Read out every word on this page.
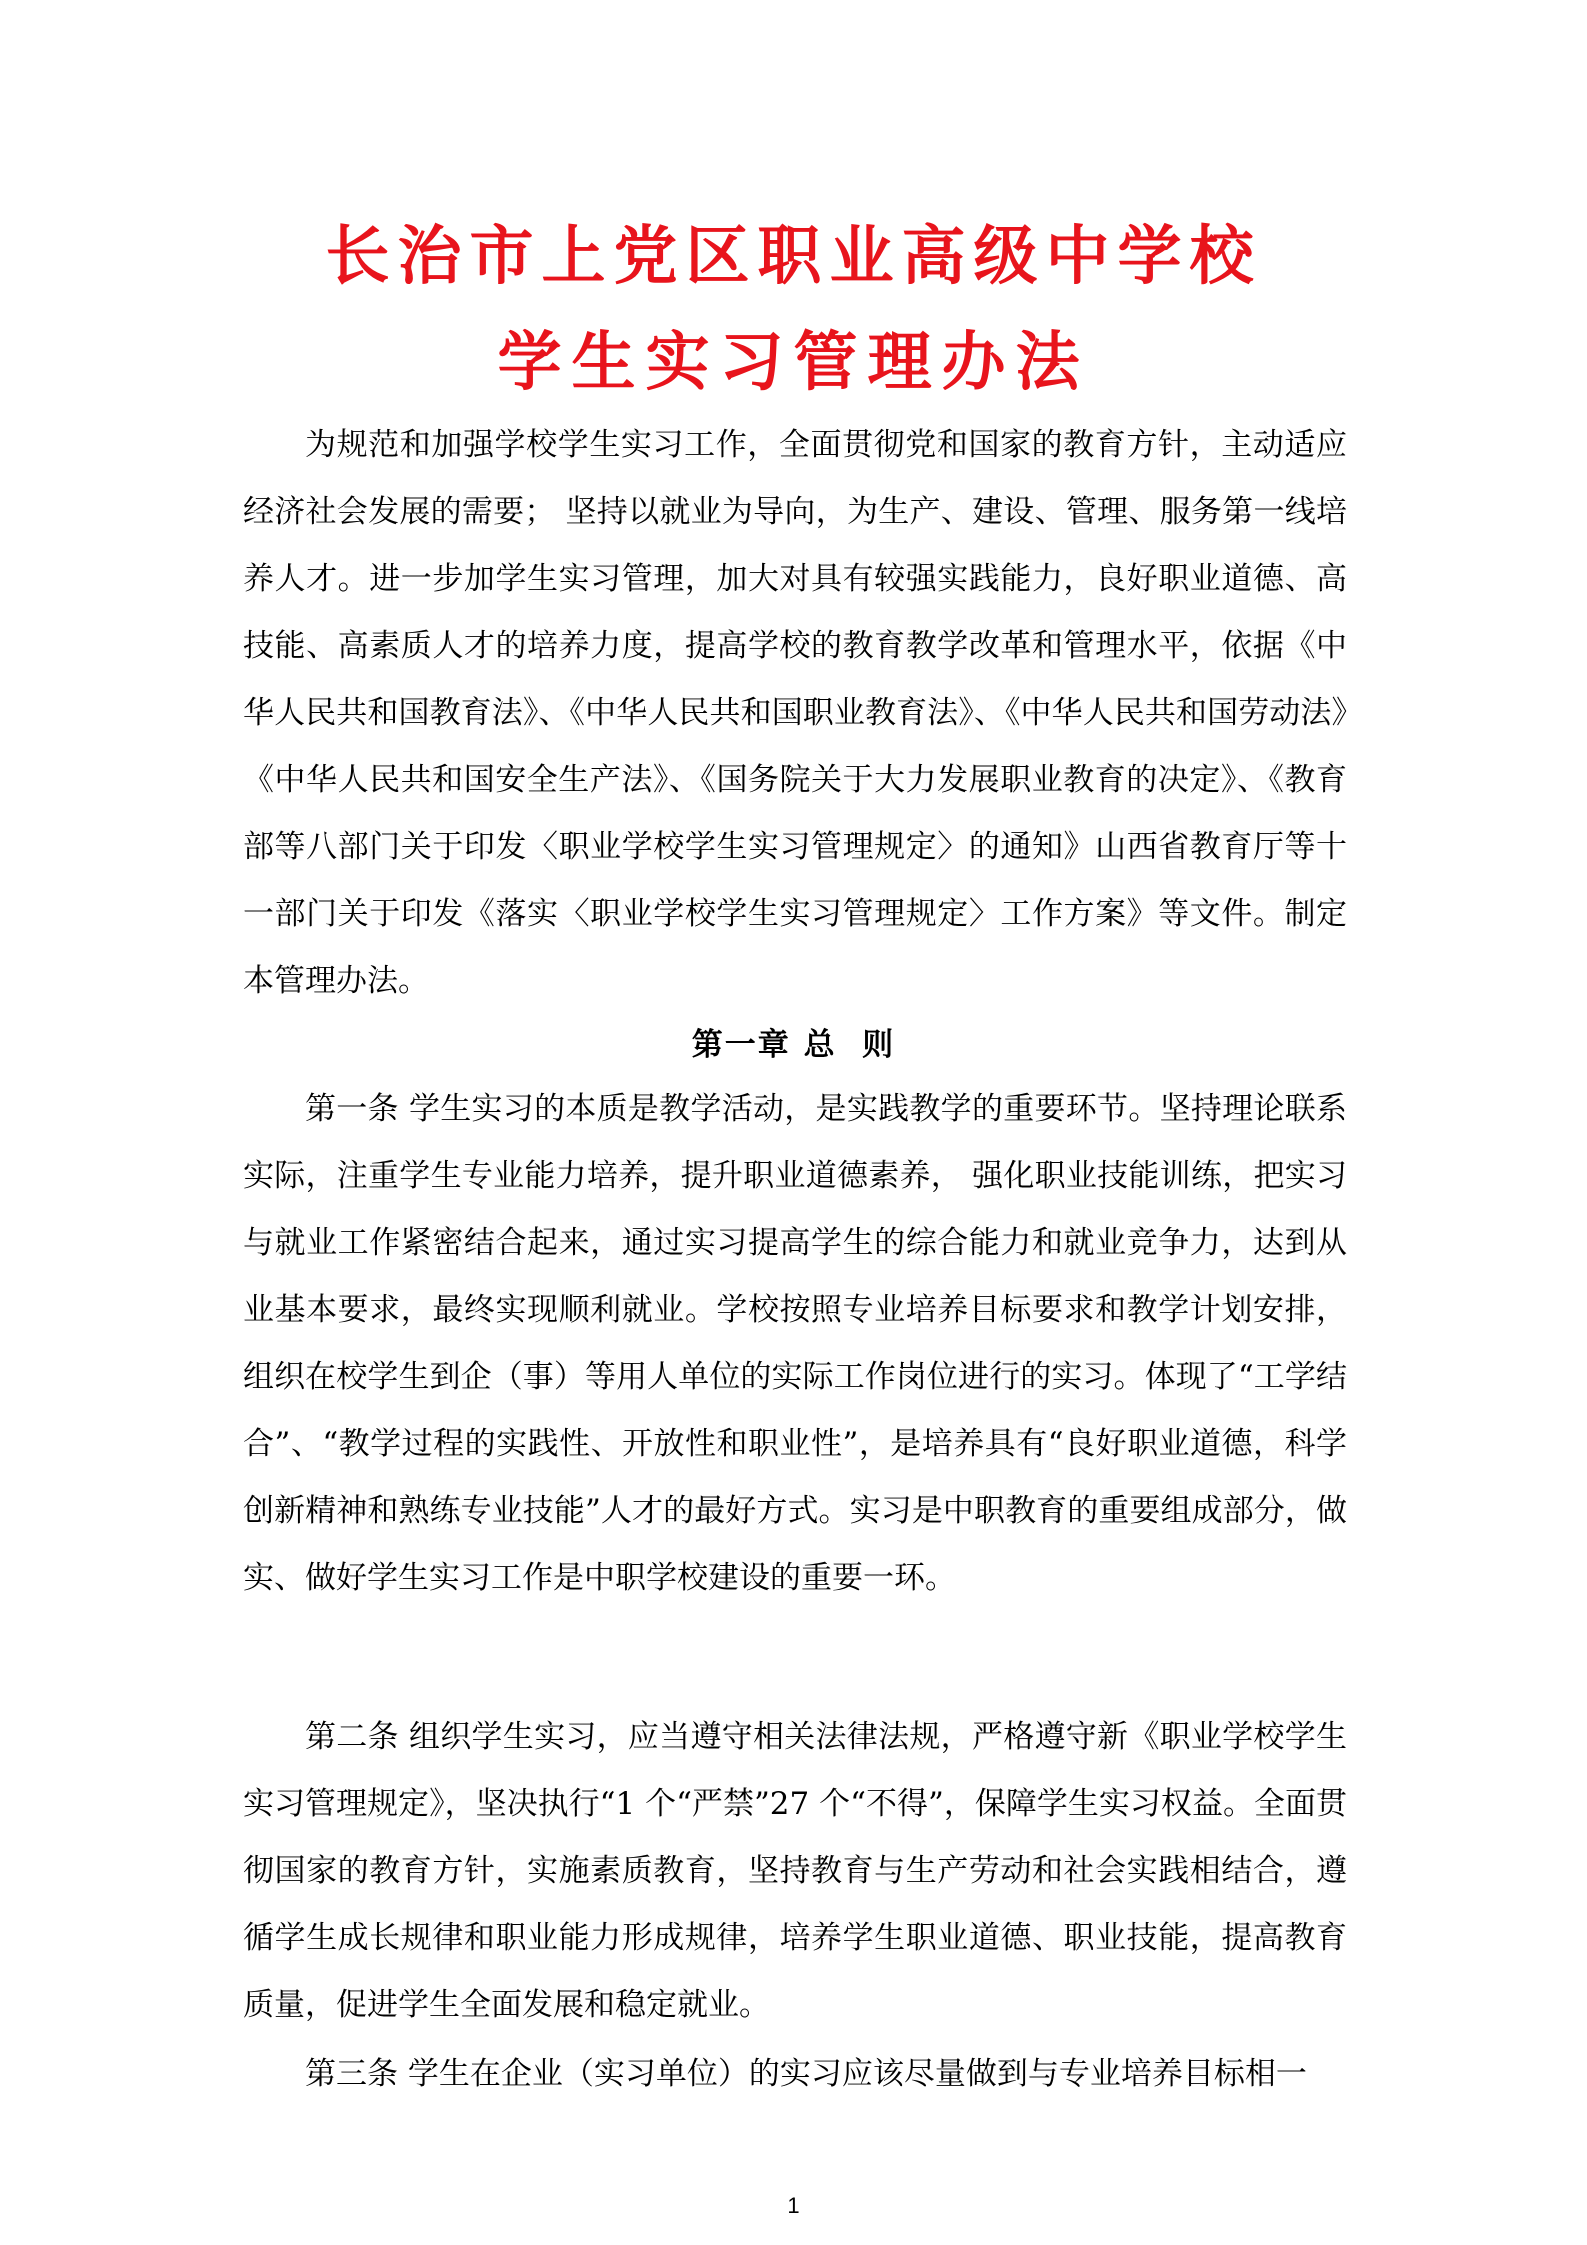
长治市上党区职业高级中学校
学生实习管理办法

为规范和加强学校学生实习工作，全面贯彻党和国家的教育方针，主动适应经济社会发展的需要； 坚持以就业为导向，为生产、建设、管理、服务第一线培养人才。进一步加学生实习管理，加大对具有较强实践能力，良好职业道德、高技能、高素质人才的培养力度，提高学校的教育教学改革和管理水平，依据《中华人民共和国教育法》、《中华人民共和国职业教育法》、《中华人民共和国劳动法》《中华人民共和国安全生产法》、《国务院关于大力发展职业教育的决定》、《教育部等八部门关于印发〈职业学校学生实习管理规定〉的通知》山西省教育厅等十一部门关于印发《落实〈职业学校学生实习管理规定〉工作方案》等文件。制定本管理办法。

第一章 总  则

第一条 学生实习的本质是教学活动，是实践教学的重要环节。坚持理论联系实际，注重学生专业能力培养，提升职业道德素养， 强化职业技能训练，把实习与就业工作紧密结合起来，通过实习提高学生的综合能力和就业竞争力，达到从业基本要求，最终实现顺利就业。学校按照专业培养目标要求和教学计划安排， 组织在校学生到企（事）等用人单位的实际工作岗位进行的实习。体现了“工学结合”、“教学过程的实践性、开放性和职业性”，是培养具有“良好职业道德，科学创新精神和熟练专业技能”人才的最好方式。实习是中职教育的重要组成部分，做实、做好学生实习工作是中职学校建设的重要一环。

第二条 组织学生实习，应当遵守相关法律法规，严格遵守新《职业学校学生实习管理规定》，坚决执行“1 个“严禁”27 个“不得”，保障学生实习权益。全面贯彻国家的教育方针，实施素质教育，坚持教育与生产劳动和社会实践相结合，遵循学生成长规律和职业能力形成规律，培养学生职业道德、职业技能，提高教育质量，促进学生全面发展和稳定就业。

第三条 学生在企业（实习单位）的实习应该尽量做到与专业培养目标相一

1
